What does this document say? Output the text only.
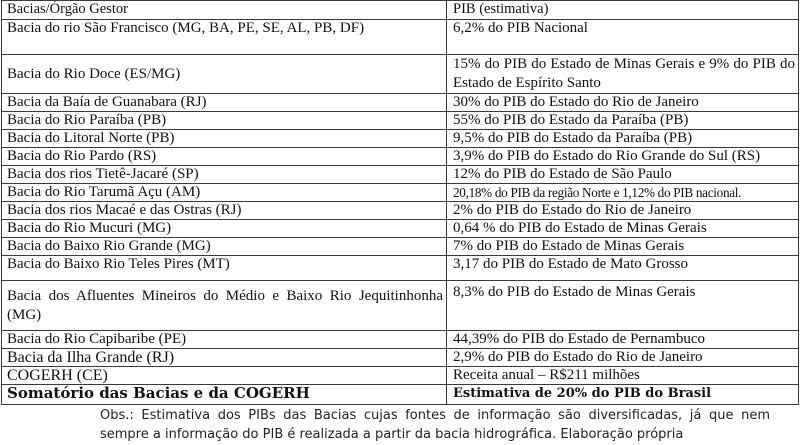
Bacias/Órgão Gestor	PIB (estimativa)
Bacia do rio São Francisco (MG, BA, PE, SE, AL, PB, DF)	6,2% do PIB Nacional
Bacia do Rio Doce (ES/MG)	15% do PIB do Estado de Minas Gerais e 9% do PIB do Estado de Espírito Santo
Bacia da Baía de Guanabara (RJ)	30% do PIB do Estado do Rio de Janeiro
Bacia do Rio Paraíba (PB)	55% do PIB do Estado da Paraíba (PB)
Bacia do Litoral Norte (PB)	9,5% do PIB do Estado da Paraíba (PB)
Bacia do Rio Pardo (RS)	3,9% do PIB do Estado do Rio Grande do Sul (RS)
Bacia dos rios Tietê-Jacaré (SP)	12% do PIB do Estado de São Paulo
Bacia do Rio Tarumã Açu (AM)	20,18% do PIB da região Norte e 1,12% do PIB nacional.
Bacia dos rios Macaé e das Ostras (RJ)	2% do PIB do Estado do Rio de Janeiro
Bacia do Rio Mucuri (MG)	0,64 % do PIB do Estado de Minas Gerais
Bacia do Baixo Rio Grande (MG)	7% do PIB do Estado de Minas Gerais
Bacia do Baixo Rio Teles Pires (MT)	3,17 do PIB do Estado de Mato Grosso
Bacia dos Afluentes Mineiros do Médio e Baixo Rio Jequitinhonha (MG)	8,3% do PIB do Estado de Minas Gerais
Bacia do Rio Capibaribe (PE)	44,39% do PIB do Estado de Pernambuco
Bacia da Ilha Grande (RJ)	2,9% do PIB do Estado do Rio de Janeiro
COGERH (CE)	Receita anual – R$211 milhões
Somatório das Bacias e da COGERH	Estimativa de 20% do PIB do Brasil

Obs.: Estimativa dos PIBs das Bacias cujas fontes de informação são diversificadas, já que nem sempre a informação do PIB é realizada a partir da bacia hidrográfica. Elaboração própria
